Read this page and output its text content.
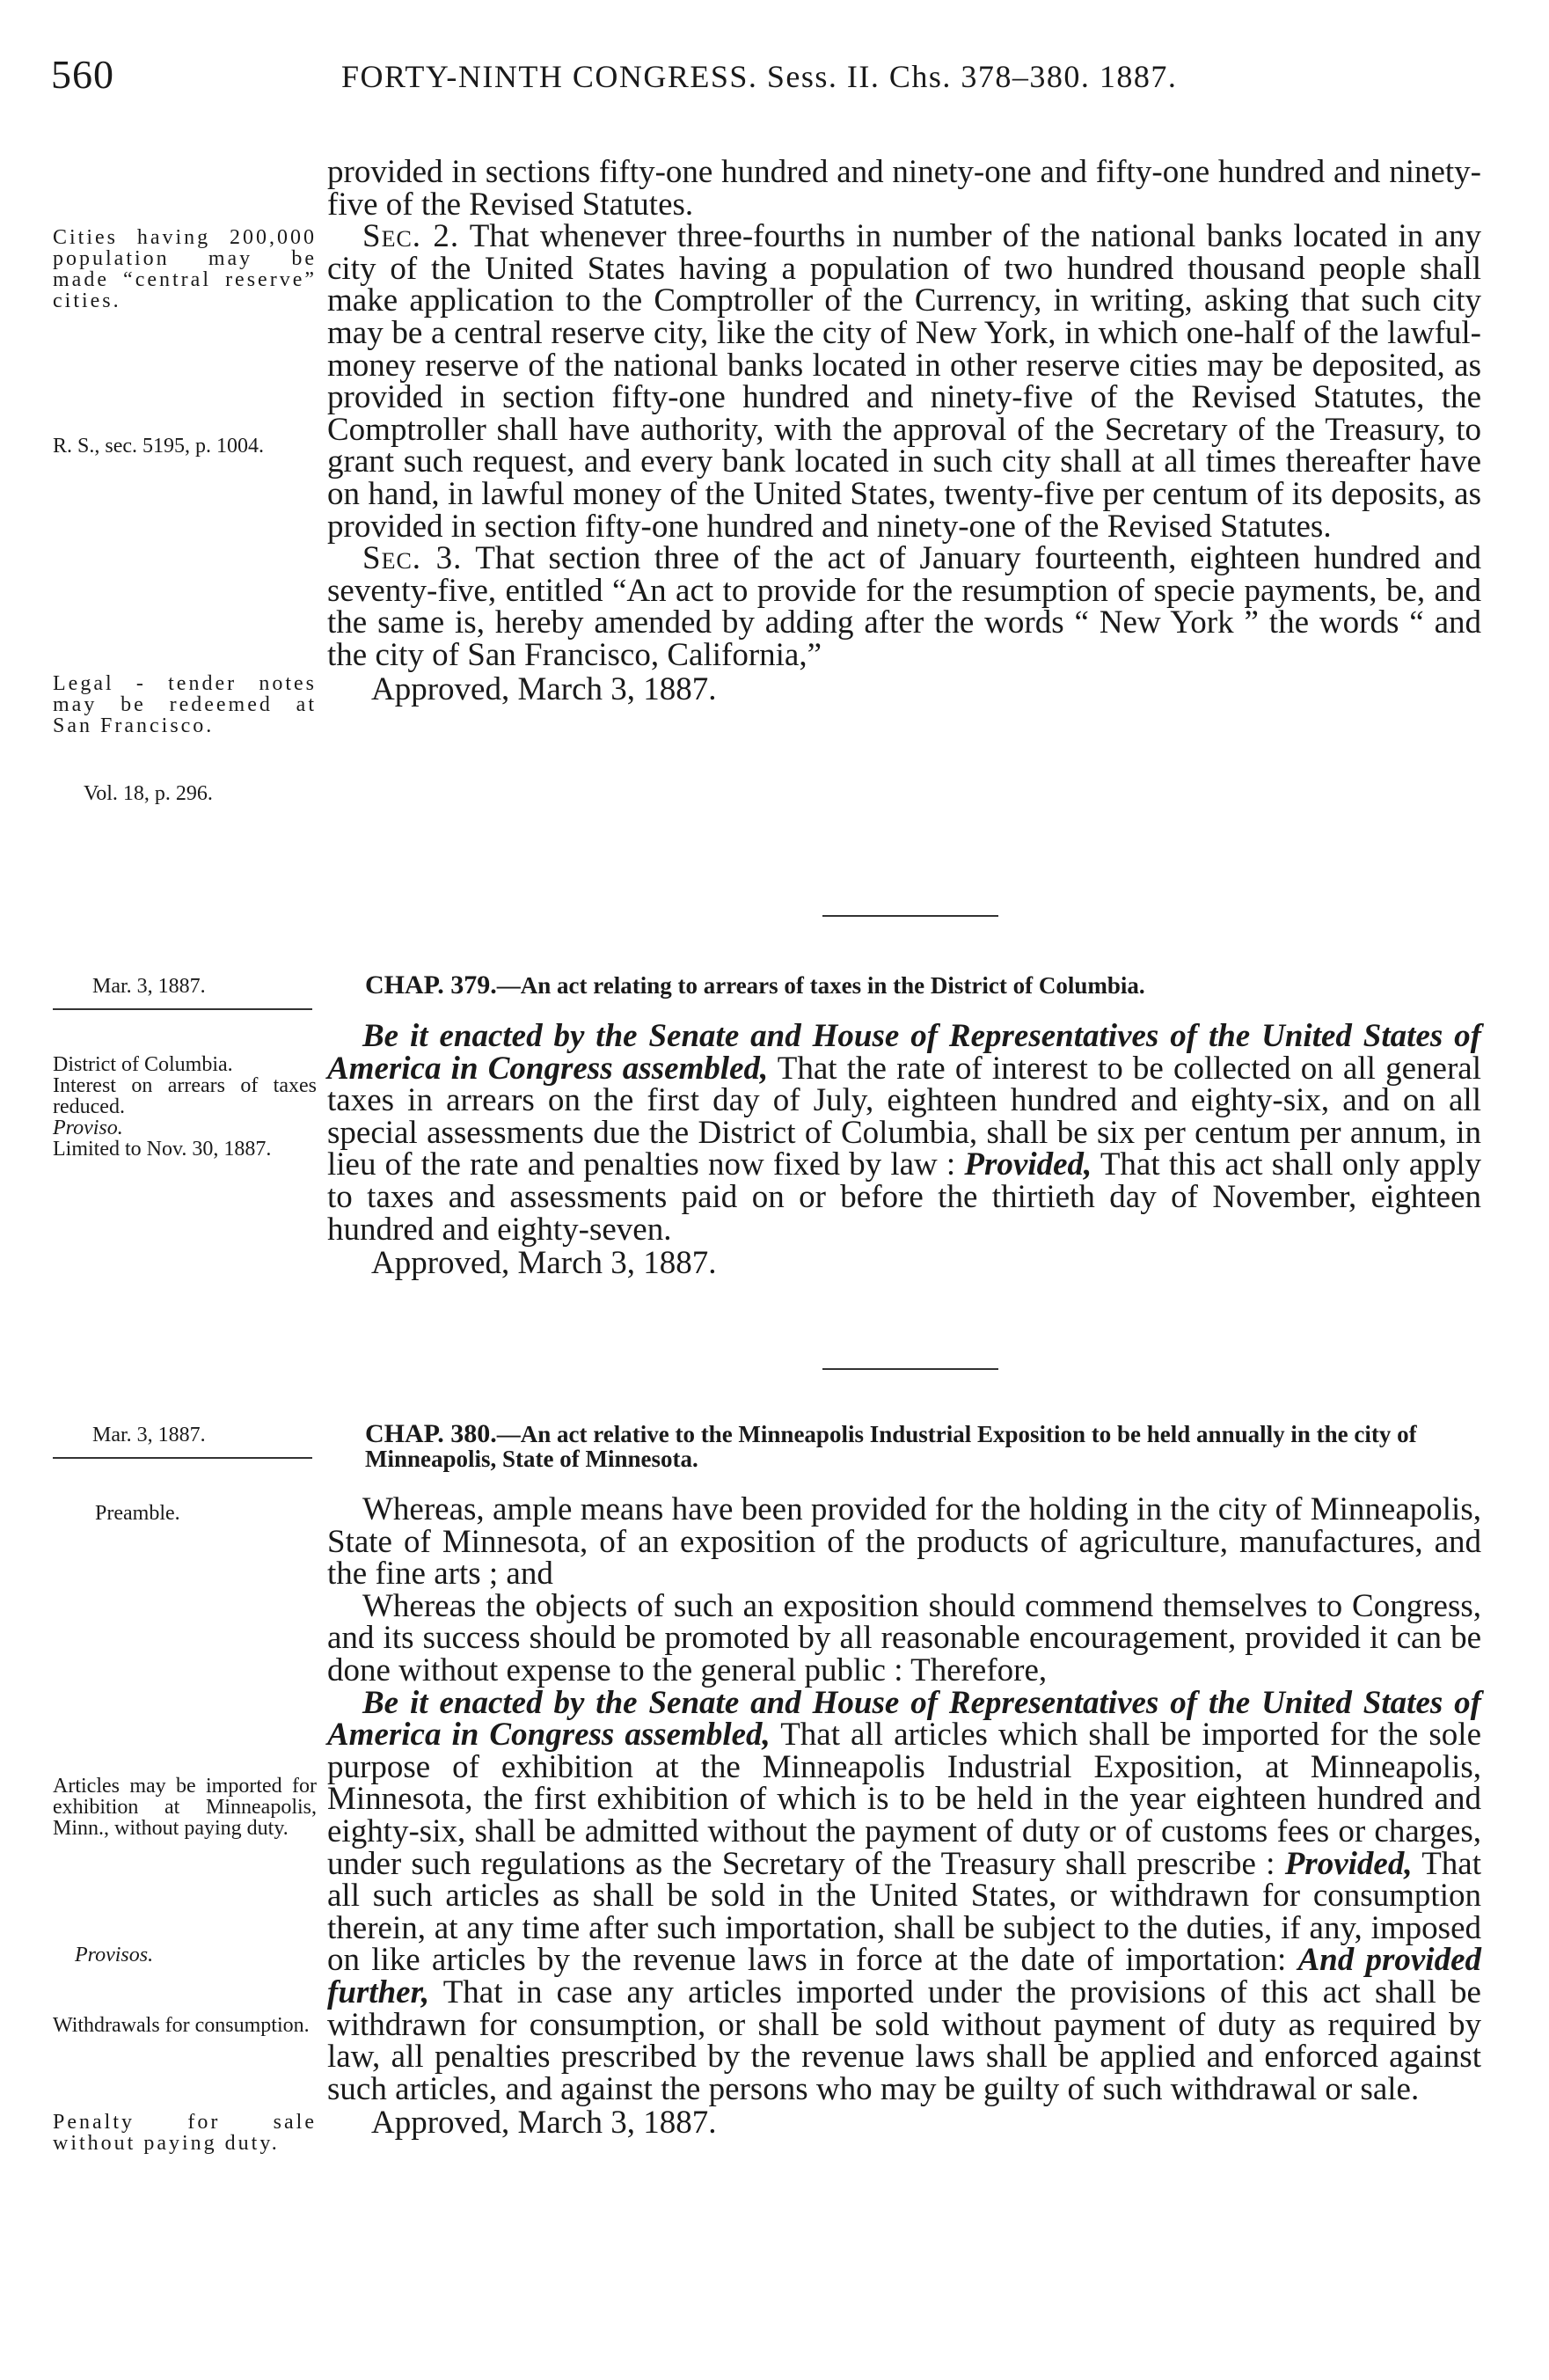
560	FORTY-NINTH CONGRESS. Sess. II. Chs. 378–380. 1887.

provided in sections fifty-one hundred and ninety-one and fifty-one hundred and ninety-five of the Revised Statutes.

Sec. 2. That whenever three-fourths in number of the national banks located in any city of the United States having a population of two hundred thousand people shall make application to the Comptroller of the Currency, in writing, asking that such city may be a central reserve city, like the city of New York, in which one-half of the lawful-money reserve of the national banks located in other reserve cities may be deposited, as provided in section fifty-one hundred and ninety-five of the Revised Statutes, the Comptroller shall have authority, with the approval of the Secretary of the Treasury, to grant such request, and every bank located in such city shall at all times thereafter have on hand, in lawful money of the United States, twenty-five per centum of its deposits, as provided in section fifty-one hundred and ninety-one of the Revised Statutes.

Sec. 3. That section three of the act of January fourteenth, eighteen hundred and seventy-five, entitled “An act to provide for the resumption of specie payments, be, and the same is, hereby amended by adding after the words “ New York ” the words “ and the city of San Francisco, California,”

Approved, March 3, 1887.

Cities having 200,000 population may be made “central reserve” cities.

R. S., sec. 5195, p. 1004.

Legal - tender notes may be redeemed at San Francisco.

Vol. 18, p. 296.

Mar. 3, 1887.	CHAP. 379.—An act relating to arrears of taxes in the District of Columbia.

Be it enacted by the Senate and House of Representatives of the United States of America in Congress assembled, That the rate of interest to be collected on all general taxes in arrears on the first day of July, eighteen hundred and eighty-six, and on all special assessments due the District of Columbia, shall be six per centum per annum, in lieu of the rate and penalties now fixed by law : Provided, That this act shall only apply to taxes and assessments paid on or before the thirtieth day of November, eighteen hundred and eighty-seven.

Approved, March 3, 1887.

District of Columbia.

Interest on arrears of taxes reduced.

Proviso.

Limited to Nov. 30, 1887.

Mar. 3, 1887.	CHAP. 380.—An act relative to the Minneapolis Industrial Exposition to be held annually in the city of Minneapolis, State of Minnesota.

Whereas, ample means have been provided for the holding in the city of Minneapolis, State of Minnesota, of an exposition of the products of agriculture, manufactures, and the fine arts ; and

Whereas the objects of such an exposition should commend themselves to Congress, and its success should be promoted by all reasonable encouragement, provided it can be done without expense to the general public : Therefore,

Be it enacted by the Senate and House of Representatives of the United States of America in Congress assembled, That all articles which shall be imported for the sole purpose of exhibition at the Minneapolis Industrial Exposition, at Minneapolis, Minnesota, the first exhibition of which is to be held in the year eighteen hundred and eighty-six, shall be admitted without the payment of duty or of customs fees or charges, under such regulations as the Secretary of the Treasury shall prescribe : Provided, That all such articles as shall be sold in the United States, or withdrawn for consumption therein, at any time after such importation, shall be subject to the duties, if any, imposed on like articles by the revenue laws in force at the date of importation: And provided further, That in case any articles imported under the provisions of this act shall be withdrawn for consumption, or shall be sold without payment of duty as required by law, all penalties prescribed by the revenue laws shall be applied and enforced against such articles, and against the persons who may be guilty of such withdrawal or sale.

Approved, March 3, 1887.

Preamble.

Articles may be imported for exhibition at Minneapolis, Minn., without paying duty.

Provisos.

Withdrawals for consumption.

Penalty for sale without paying duty.
